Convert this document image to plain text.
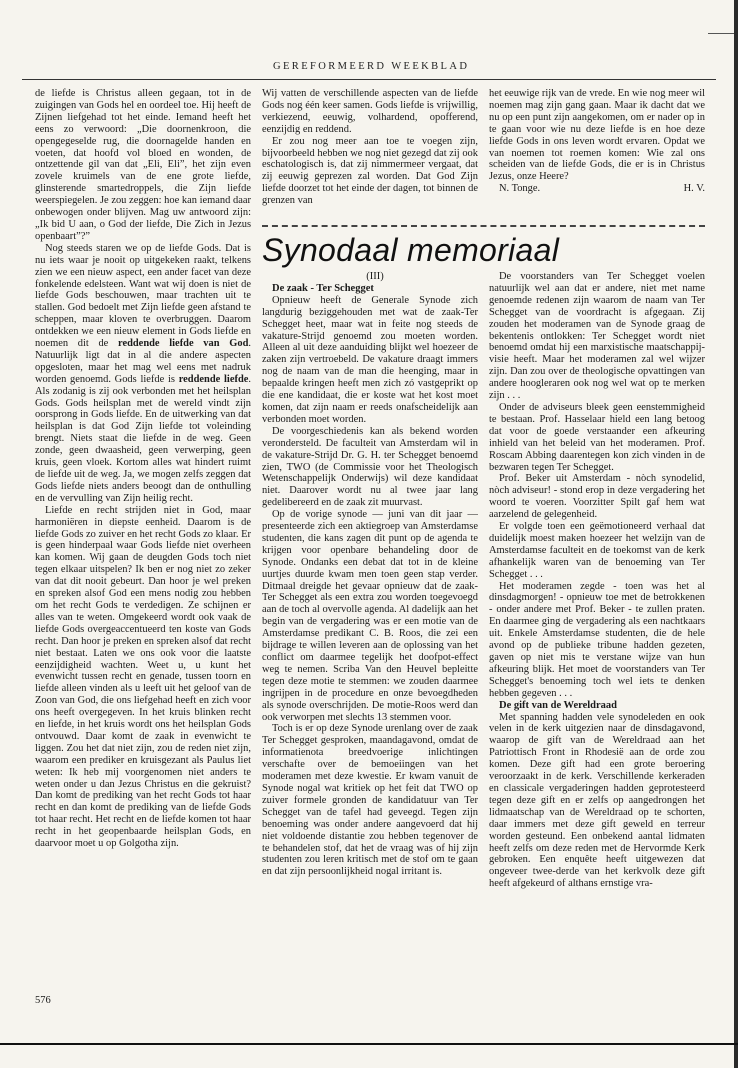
GEREFORMEERD WEEKBLAD

de liefde is Christus alleen gegaan, tot in de zuigingen van Gods hel en oordeel toe. Hij heeft de Zijnen liefgehad tot het einde. Iemand heeft het eens zo verwoord: „Die doornenkroon, die opengegeselde rug, die doornagelde handen en voeten, dat hoofd vol bloed en wonden, de ontzettende gil van dat „Eli, Eli”, het zijn even zovele kruimels van de ene grote liefde, glinsterende smartedroppels, die Zijn liefde weerspiegelen. Je zou zeggen: hoe kan iemand daar onbewogen onder blijven. Mag uw antwoord zijn: „Ik bid U aan, o God der liefde, Die Zich in Jezus openbaart”?”

Nog steeds staren we op de liefde Gods. Dat is nu iets waar je nooit op uitgekeken raakt, telkens zien we een nieuw aspect, een ander facet van deze fonkelende edelsteen. Want wat wij doen is niet de liefde Gods beschouwen, maar trachten uit te stallen. God bedoelt met Zijn liefde geen afstand te scheppen, maar kloven te overbruggen. Daarom ontdekken we een nieuw element in Gods liefde en noemen dit de reddende liefde van God. Natuurlijk ligt dat in al die andere aspecten opgesloten, maar het mag wel eens met nadruk worden genoemd. Gods liefde is reddende liefde. Als zodanig is zij ook verbonden met het heilsplan Gods. Gods heilsplan met de wereld vindt zijn oorsprong in Gods liefde. En de uitwerking van dat heilsplan is dat God Zijn liefde tot voleinding brengt. Niets staat die liefde in de weg. Geen zonde, geen dwaasheid, geen verwerping, geen kruis, geen vloek. Kortom alles wat hindert ruimt de liefde uit de weg. Ja, we mogen zelfs zeggen dat Gods liefde niets anders beoogt dan de onthulling en de vervulling van Zijn heilig recht.

Liefde en recht strijden niet in God, maar harmoniëren in diepste eenheid. Daarom is de liefde Gods zo zuiver en het recht Gods zo klaar. Er is geen hinderpaal waar Gods liefde niet overheen kan komen. Wij gaan de deugden Gods toch niet tegen elkaar uitspelen? Ik ben er nog niet zo zeker van dat dit nooit gebeurt. Dan hoor je wel preken en spreken alsof God een mens nodig zou hebben om het recht Gods te verdedigen. Ze schijnen er alles van te weten. Omgekeerd wordt ook vaak de liefde Gods overgeaccentueerd ten koste van Gods recht. Dan hoor je preken en spreken alsof dat recht niet bestaat. Laten we ons ook voor die laatste eenzijdigheid wachten. Weet u, u kunt het evenwicht tussen recht en genade, tussen toorn en liefde alleen vinden als u leeft uit het geloof van de Zoon van God, die ons liefgehad heeft en zich voor ons heeft overgegeven. In het kruis blinken recht en liefde, in het kruis wordt ons het heilsplan Gods ontvouwd. Daar komt de zaak in evenwicht te liggen. Zou het dat niet zijn, zou de reden niet zijn, waarom een prediker en kruisgezant als Paulus liet weten: Ik heb mij voorgenomen niet anders te weten onder u dan Jezus Christus en die gekruist? Dan komt de prediking van het recht Gods tot haar recht en dan komt de prediking van de liefde Gods tot haar recht. Het recht en de liefde komen tot haar recht in het geopenbaarde heilsplan Gods, en daarvoor moet u op Golgotha zijn.

Wij vatten de verschillende aspecten van de liefde Gods nog één keer samen. Gods liefde is vrijwillig, verkiezend, eeuwig, volhardend, opofferend, eenzijdig en reddend.

Er zou nog meer aan toe te voegen zijn, bijvoorbeeld hebben we nog niet gezegd dat zij ook eschatologisch is, dat zij nimmermeer vergaat, dat zij eeuwig geprezen zal worden. Dat God Zijn liefde doorzet tot het einde der dagen, tot binnen de grenzen van

het eeuwige rijk van de vrede. En wie nog meer wil noemen mag zijn gang gaan. Maar ik dacht dat we nu op een punt zijn aangekomen, om er nader op in te gaan voor wie nu deze liefde is en hoe deze liefde Gods in ons leven wordt ervaren. Opdat we van noemen tot roemen komen: Wie zal ons scheiden van de liefde Gods, die er is in Christus Jezus, onze Heere?

N. Tonge.	H. V.

Synodaal memoriaal

(III)

De zaak - Ter Schegget

Opnieuw heeft de Generale Synode zich langdurig beziggehouden met wat de zaak-Ter Schegget heet, maar wat in feite nog steeds de vakature-Strijd genoemd zou moeten worden. Alleen al uit deze aanduiding blijkt wel hoezeer de zaken zijn vertroebeld. De vakature draagt immers nog de naam van de man die heenging, maar in bepaalde kringen heeft men zich zó vastgeprikt op die ene kandidaat, die er koste wat het kost moet komen, dat zijn naam er reeds onafscheidelijk aan verbonden moet worden.

De voorgeschiedenis kan als bekend worden verondersteld. De faculteit van Amsterdam wil in de vakature-Strijd Dr. G. H. ter Schegget benoemd zien, TWO (de Commissie voor het Theologisch Wetenschappelijk Onderwijs) wil deze kandidaat niet. Daarover wordt nu al twee jaar lang gedelibereerd en de zaak zit muurvast.

Op de vorige synode — juni van dit jaar — presenteerde zich een aktiegroep van Amsterdamse studenten, die kans zagen dit punt op de agenda te krijgen voor openbare behandeling door de Synode. Ondanks een debat dat tot in de kleine uurtjes duurde kwam men toen geen stap verder. Ditmaal dreigde het gevaar opnieuw dat de zaak-Ter Schegget als een extra zou worden toegevoegd aan de toch al overvolle agenda. Al dadelijk aan het begin van de vergadering was er een motie van de Amsterdamse predikant C. B. Roos, die zei een bijdrage te willen leveren aan de oplossing van het conflict om daarmee tegelijk het doofpot-effect weg te nemen. Scriba Van den Heuvel bepleitte tegen deze motie te stemmen: we zouden daarmee ingrijpen in de procedure en onze bevoegdheden als synode overschrijden. De motie-Roos werd dan ook verworpen met slechts 13 stemmen voor.

Toch is er op deze Synode urenlang over de zaak Ter Schegget gesproken, maandagavond, omdat de informatienota breedvoerige inlichtingen verschafte over de bemoeiingen van het moderamen met deze kwestie. Er kwam vanuit de Synode nogal wat kritiek op het feit dat TWO op zuiver formele gronden de kandidatuur van Ter Schegget van de tafel had geveegd. Tegen zijn benoeming was onder andere aangevoerd dat hij niet voldoende distantie zou hebben tegenover de te behandelen stof, dat het de vraag was of hij zijn studenten zou leren kritisch met de stof om te gaan en dat zijn persoonlijkheid nogal irritant is.

De voorstanders van Ter Schegget voelen natuurlijk wel aan dat er andere, niet met name genoemde redenen zijn waarom de naam van Ter Schegget van de voordracht is afgegaan. Zij zouden het moderamen van de Synode graag de bekentenis ontlokken: Ter Schegget wordt niet benoemd omdat hij een marxistische maatschappij-visie heeft. Maar het moderamen zal wel wijzer zijn. Dan zou over de theologische opvattingen van andere hoogleraren ook nog wel wat op te merken zijn . . .

Onder de adviseurs bleek geen eenstemmigheid te bestaan. Prof. Hasselaar hield een lang betoog dat voor de goede verstaander een afkeuring inhield van het beleid van het moderamen. Prof. Roscam Abbing daarentegen kon zich vinden in de bezwaren tegen Ter Schegget.

Prof. Beker uit Amsterdam - nòch synodelid, nòch adviseur! - stond erop in deze vergadering het woord te voeren. Voorzitter Spilt gaf hem wat aarzelend de gelegenheid.

Er volgde toen een geëmotioneerd verhaal dat duidelijk moest maken hoezeer het welzijn van de Amsterdamse faculteit en de toekomst van de kerk afhankelijk waren van de benoeming van Ter Schegget . . .

Het moderamen zegde - toen was het al dinsdagmorgen! - opnieuw toe met de betrokkenen - onder andere met Prof. Beker - te zullen praten. En daarmee ging de vergadering als een nachtkaars uit. Enkele Amsterdamse studenten, die de hele avond op de publieke tribune hadden gezeten, gaven op niet mis te verstane wijze van hun afkeuring blijk. Het moet de voorstanders van Ter Schegget's benoeming toch wel iets te denken hebben gegeven . . .

De gift van de Wereldraad

Met spanning hadden vele synodeleden en ook velen in de kerk uitgezien naar de dinsdagavond, waarop de gift van de Wereldraad aan het Patriottisch Front in Rhodesië aan de orde zou komen. Deze gift had een grote beroering veroorzaakt in de kerk. Verschillende kerkeraden en classicale vergaderingen hadden geprotesteerd tegen deze gift en er zelfs op aangedrongen het lidmaatschap van de Wereldraad op te schorten, daar immers met deze gift geweld en terreur worden gesteund. Een onbekend aantal lidmaten heeft zelfs om deze reden met de Hervormde Kerk gebroken. Een enquête heeft uitgewezen dat ongeveer twee-derde van het kerkvolk deze gift heeft afgekeurd of althans ernstige vra-

576
